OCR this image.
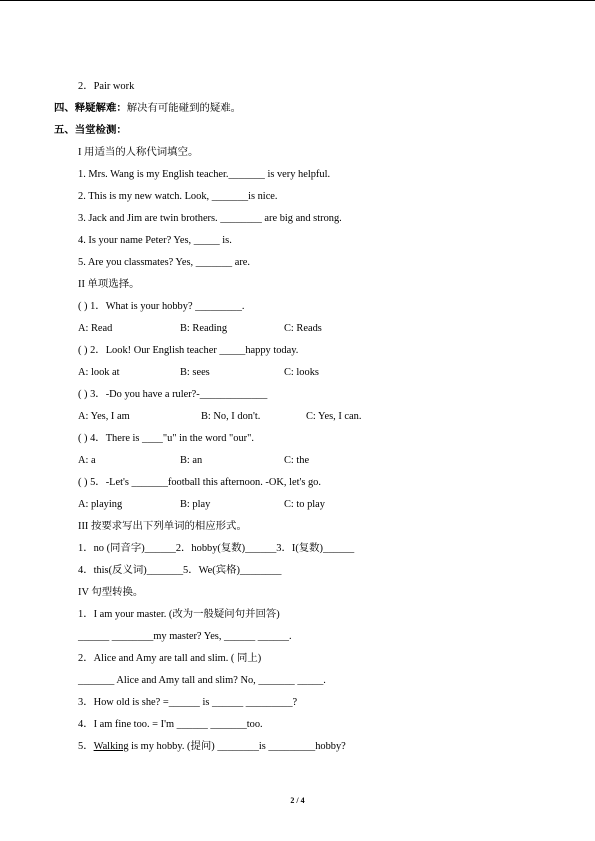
2．Pair work
四、释疑解难：解决有可能碰到的疑难。
五、当堂检测：
I 用适当的人称代词填空。
1. Mrs. Wang is my English teacher._______ is very helpful.
2. This is my new watch. Look, _______is nice.
3. Jack and Jim are twin brothers. ________ are big and strong.
4. Is your name Peter? Yes, _____ is.
5. Are you classmates? Yes, _______ are.
II 单项选择。
( ) 1．What is your hobby? _________.
A: Read	B: Reading	C: Reads
( ) 2．Look! Our English teacher _____happy today.
A: look at	B: sees	C: looks
( ) 3．-Do you have a ruler?-_____________
A: Yes, I am	B: No, I don't.	C: Yes, I can.
( ) 4．There is ____"u" in the word "our".
A: a	B: an	C: the
( ) 5．-Let's _______football this afternoon. -OK, let's go.
A: playing	B: play	C: to play
III 按要求写出下列单词的相应形式。
1．no (同音字)______2．hobby(复数)______3．I(复数)______
4．this(反义词)_______5．We(宾格)________
IV 句型转换。
1．I am your master. (改为一般疑问句并回答)
______ ________my master? Yes, ______ ______.
2．Alice and Amy are tall and slim. ( 同上)
_______ Alice and Amy tall and slim? No, _______ _____.
3．How old is she? =______ is ______ _________?
4．I am fine too. = I'm ______ _______too.
5．Walking is my hobby. (提问) ________is _________hobby?
2 / 4
